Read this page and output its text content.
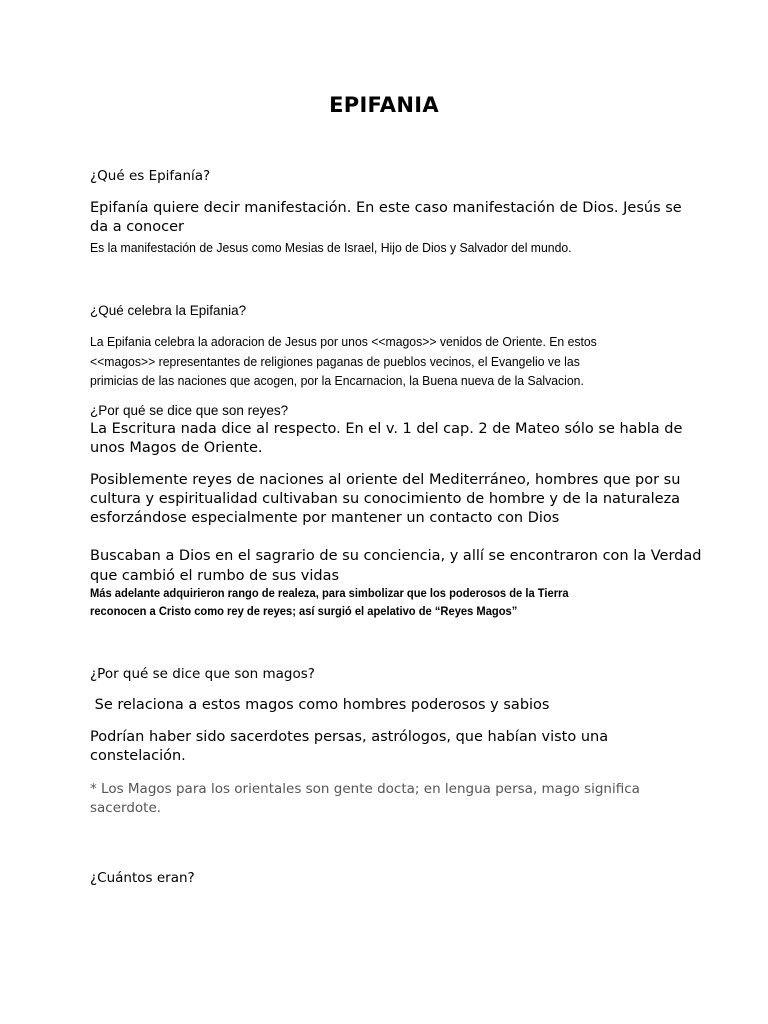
EPIFANIA

¿Qué es Epifanía?

Epifanía quiere decir manifestación. En este caso manifestación de Dios. Jesús se

da a conocer

Es la manifestación de Jesus como Mesias de Israel, Hijo de Dios y Salvador del mundo.

¿Qué celebra la Epifania?

La Epifania celebra la adoracion de Jesus por unos <<magos>> venidos de Oriente. En estos

<<magos>> representantes de religiones paganas de pueblos vecinos, el Evangelio ve las

primicias de las naciones que acogen, por la Encarnacion, la Buena nueva de la Salvacion.

¿Por qué se dice que son reyes?

La Escritura nada dice al respecto. En el v. 1 del cap. 2 de Mateo sólo se habla de

unos Magos de Oriente.

Posiblemente reyes de naciones al oriente del Mediterráneo, hombres que por su

cultura y espiritualidad cultivaban su conocimiento de hombre y de la naturaleza

esforzándose especialmente por mantener un contacto con Dios

Buscaban a Dios en el sagrario de su conciencia, y allí se encontraron con la Verdad

que cambió el rumbo de sus vidas

Más adelante adquirieron rango de realeza, para simbolizar que los poderosos de la Tierra

reconocen a Cristo como rey de reyes; así surgió el apelativo de “Reyes Magos”

¿Por qué se dice que son magos?

Se relaciona a estos magos como hombres poderosos y sabios

Podrían haber sido sacerdotes persas, astrólogos, que habían visto una

constelación.

* Los Magos para los orientales son gente docta; en lengua persa, mago significa

sacerdote.

¿Cuántos eran?
